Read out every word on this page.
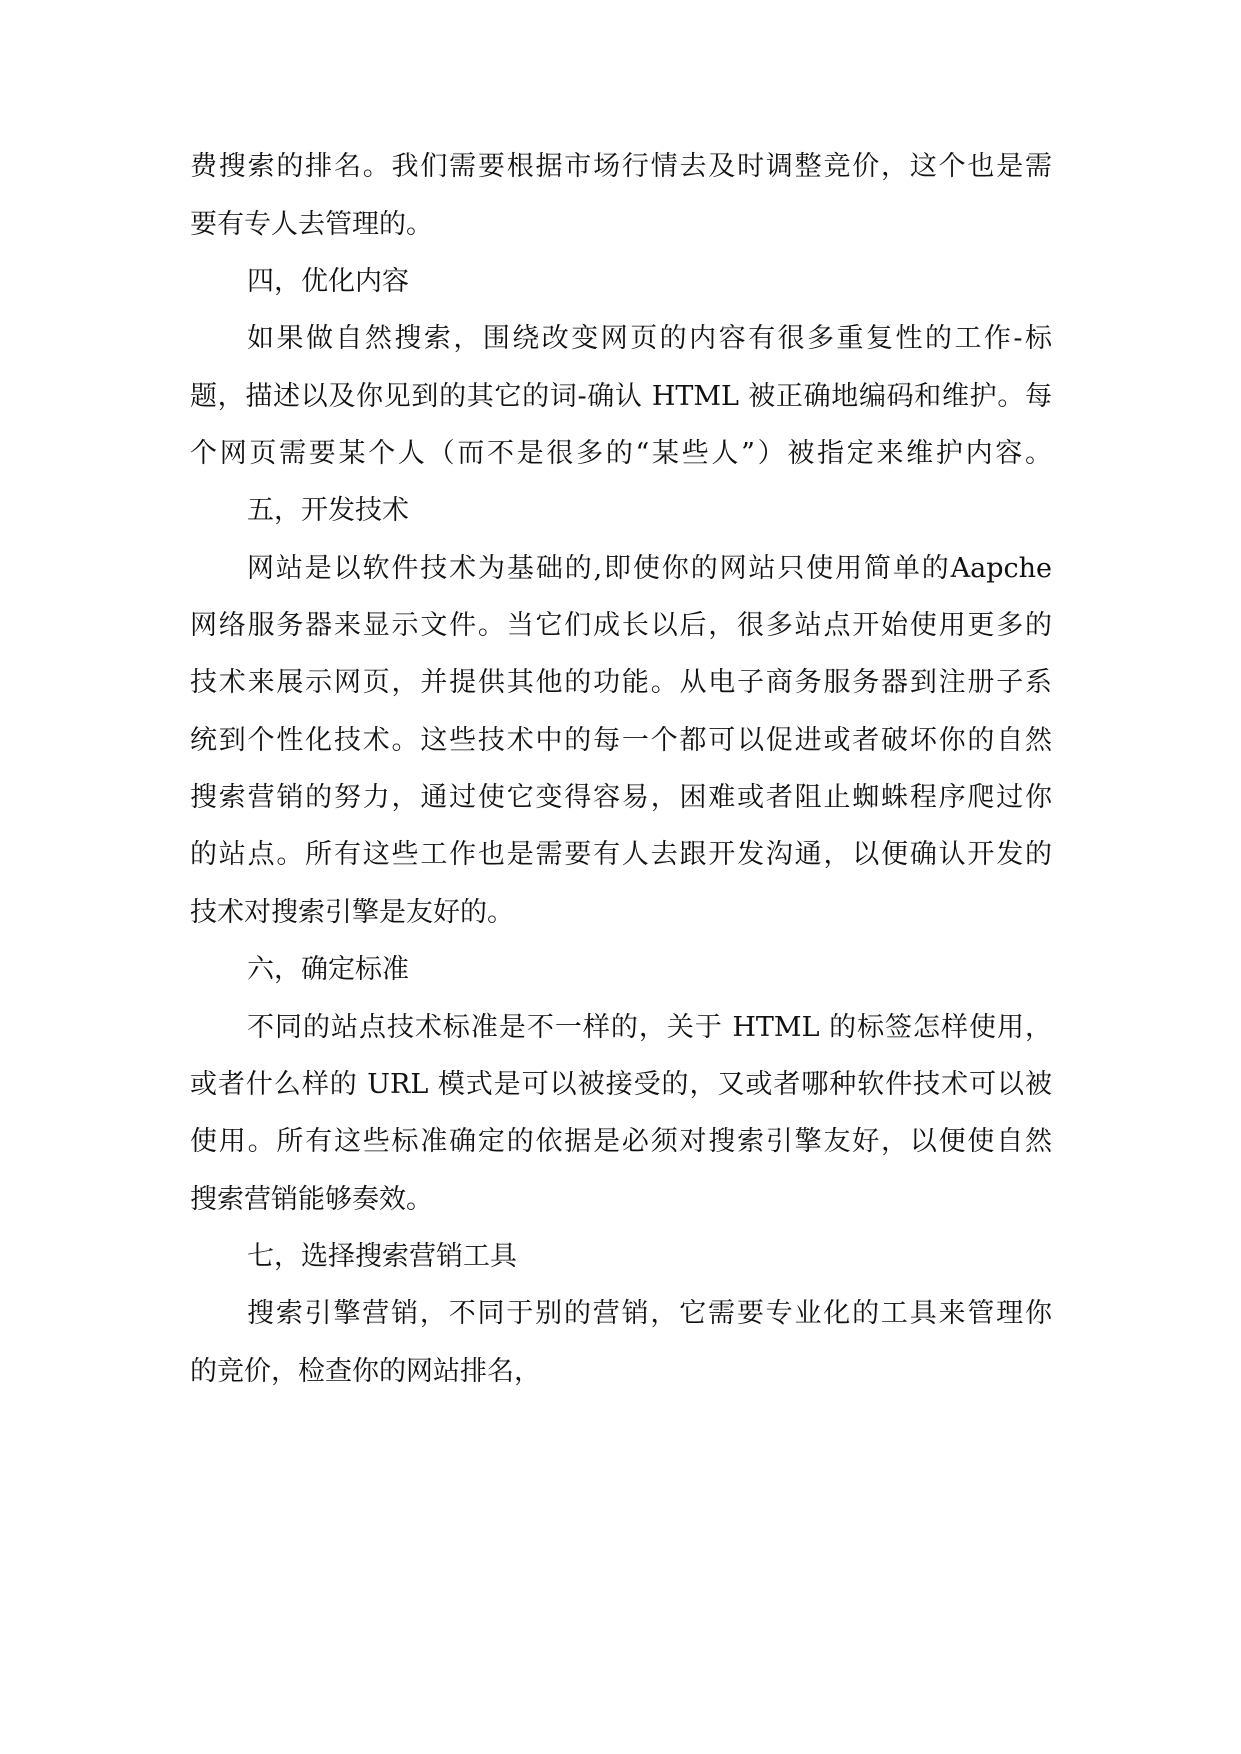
费搜索的排名。我们需要根据市场行情去及时调整竞价，这个也是需
要有专人去管理的。
四，优化内容
如果做自然搜索，围绕改变网页的内容有很多重复性的工作-标
题，描述以及你见到的其它的词-确认 HTML 被正确地编码和维护。每
个网页需要某个人（而不是很多的“某些人”）被指定来维护内容。
五，开发技术
网站是以软件技术为基础的,即使你的网站只使用简单的Aapche
网络服务器来显示文件。当它们成长以后，很多站点开始使用更多的
技术来展示网页，并提供其他的功能。从电子商务服务器到注册子系
统到个性化技术。这些技术中的每一个都可以促进或者破坏你的自然
搜索营销的努力，通过使它变得容易，困难或者阻止蜘蛛程序爬过你
的站点。所有这些工作也是需要有人去跟开发沟通，以便确认开发的
技术对搜索引擎是友好的。
六，确定标准
不同的站点技术标准是不一样的，关于 HTML 的标签怎样使用，
或者什么样的 URL 模式是可以被接受的，又或者哪种软件技术可以被
使用。所有这些标准确定的依据是必须对搜索引擎友好，以便使自然
搜索营销能够奏效。
七，选择搜索营销工具
搜索引擎营销，不同于别的营销，它需要专业化的工具来管理你
的竞价，检查你的网站排名，
